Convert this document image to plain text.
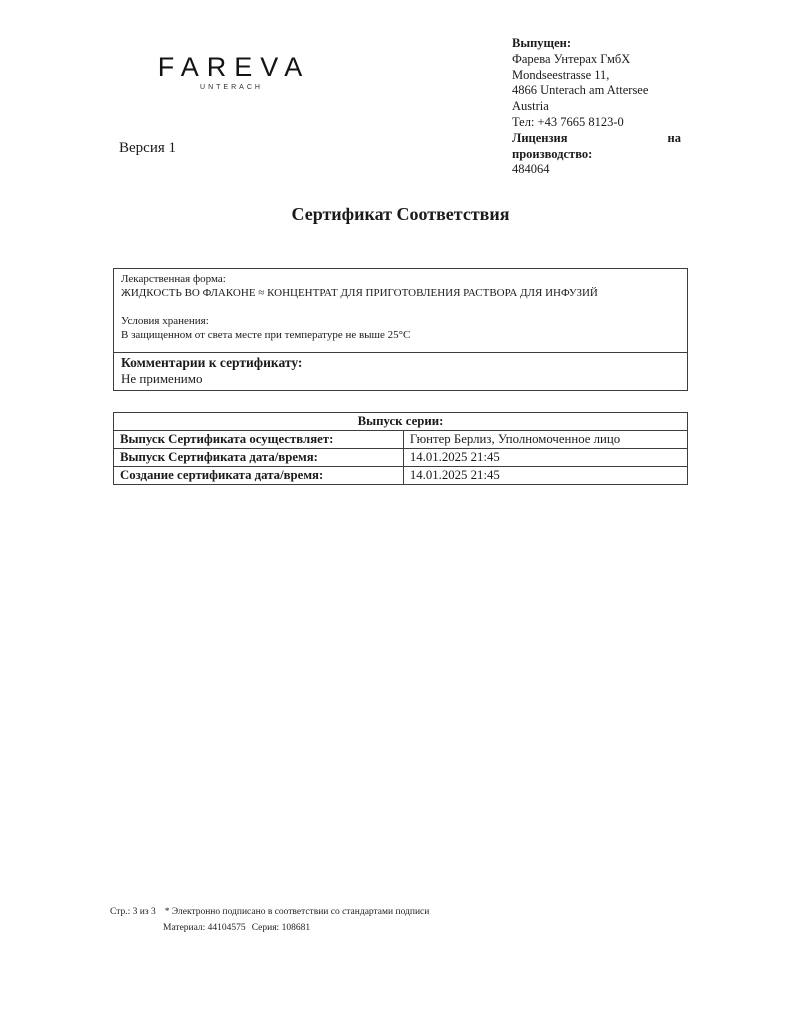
FAREVA
UNTERACH
Версия 1
Выпущен:
Фарева Унтерах ГмбХ
Mondseestrasse 11,
4866 Unterach am Attersee
Austria
Тел: +43 7665 8123-0
Лицензия	на
производство:
484064
Сертификат Соответствия
Лекарственная форма:
ЖИДКОСТЬ ВО ФЛАКОНЕ ≈ КОНЦЕНТРАТ ДЛЯ ПРИГОТОВЛЕНИЯ РАСТВОРА ДЛЯ ИНФУЗИЙ
Условия хранения:
В защищенном от света месте при температуре не выше 25°C
Комментарии к сертификату:
Не применимо
Выпуск серии:	
Выпуск Сертификата осуществляет:	Гюнтер Берлиз, Уполномоченное лицо
Выпуск Сертификата дата/время:	14.01.2025 21:45
Создание сертификата дата/время:	14.01.2025 21:45
Стр.: 3 из 3 * Электронно подписано в соответствии со стандартами подписи
Материал: 44104575 Серия: 108681
